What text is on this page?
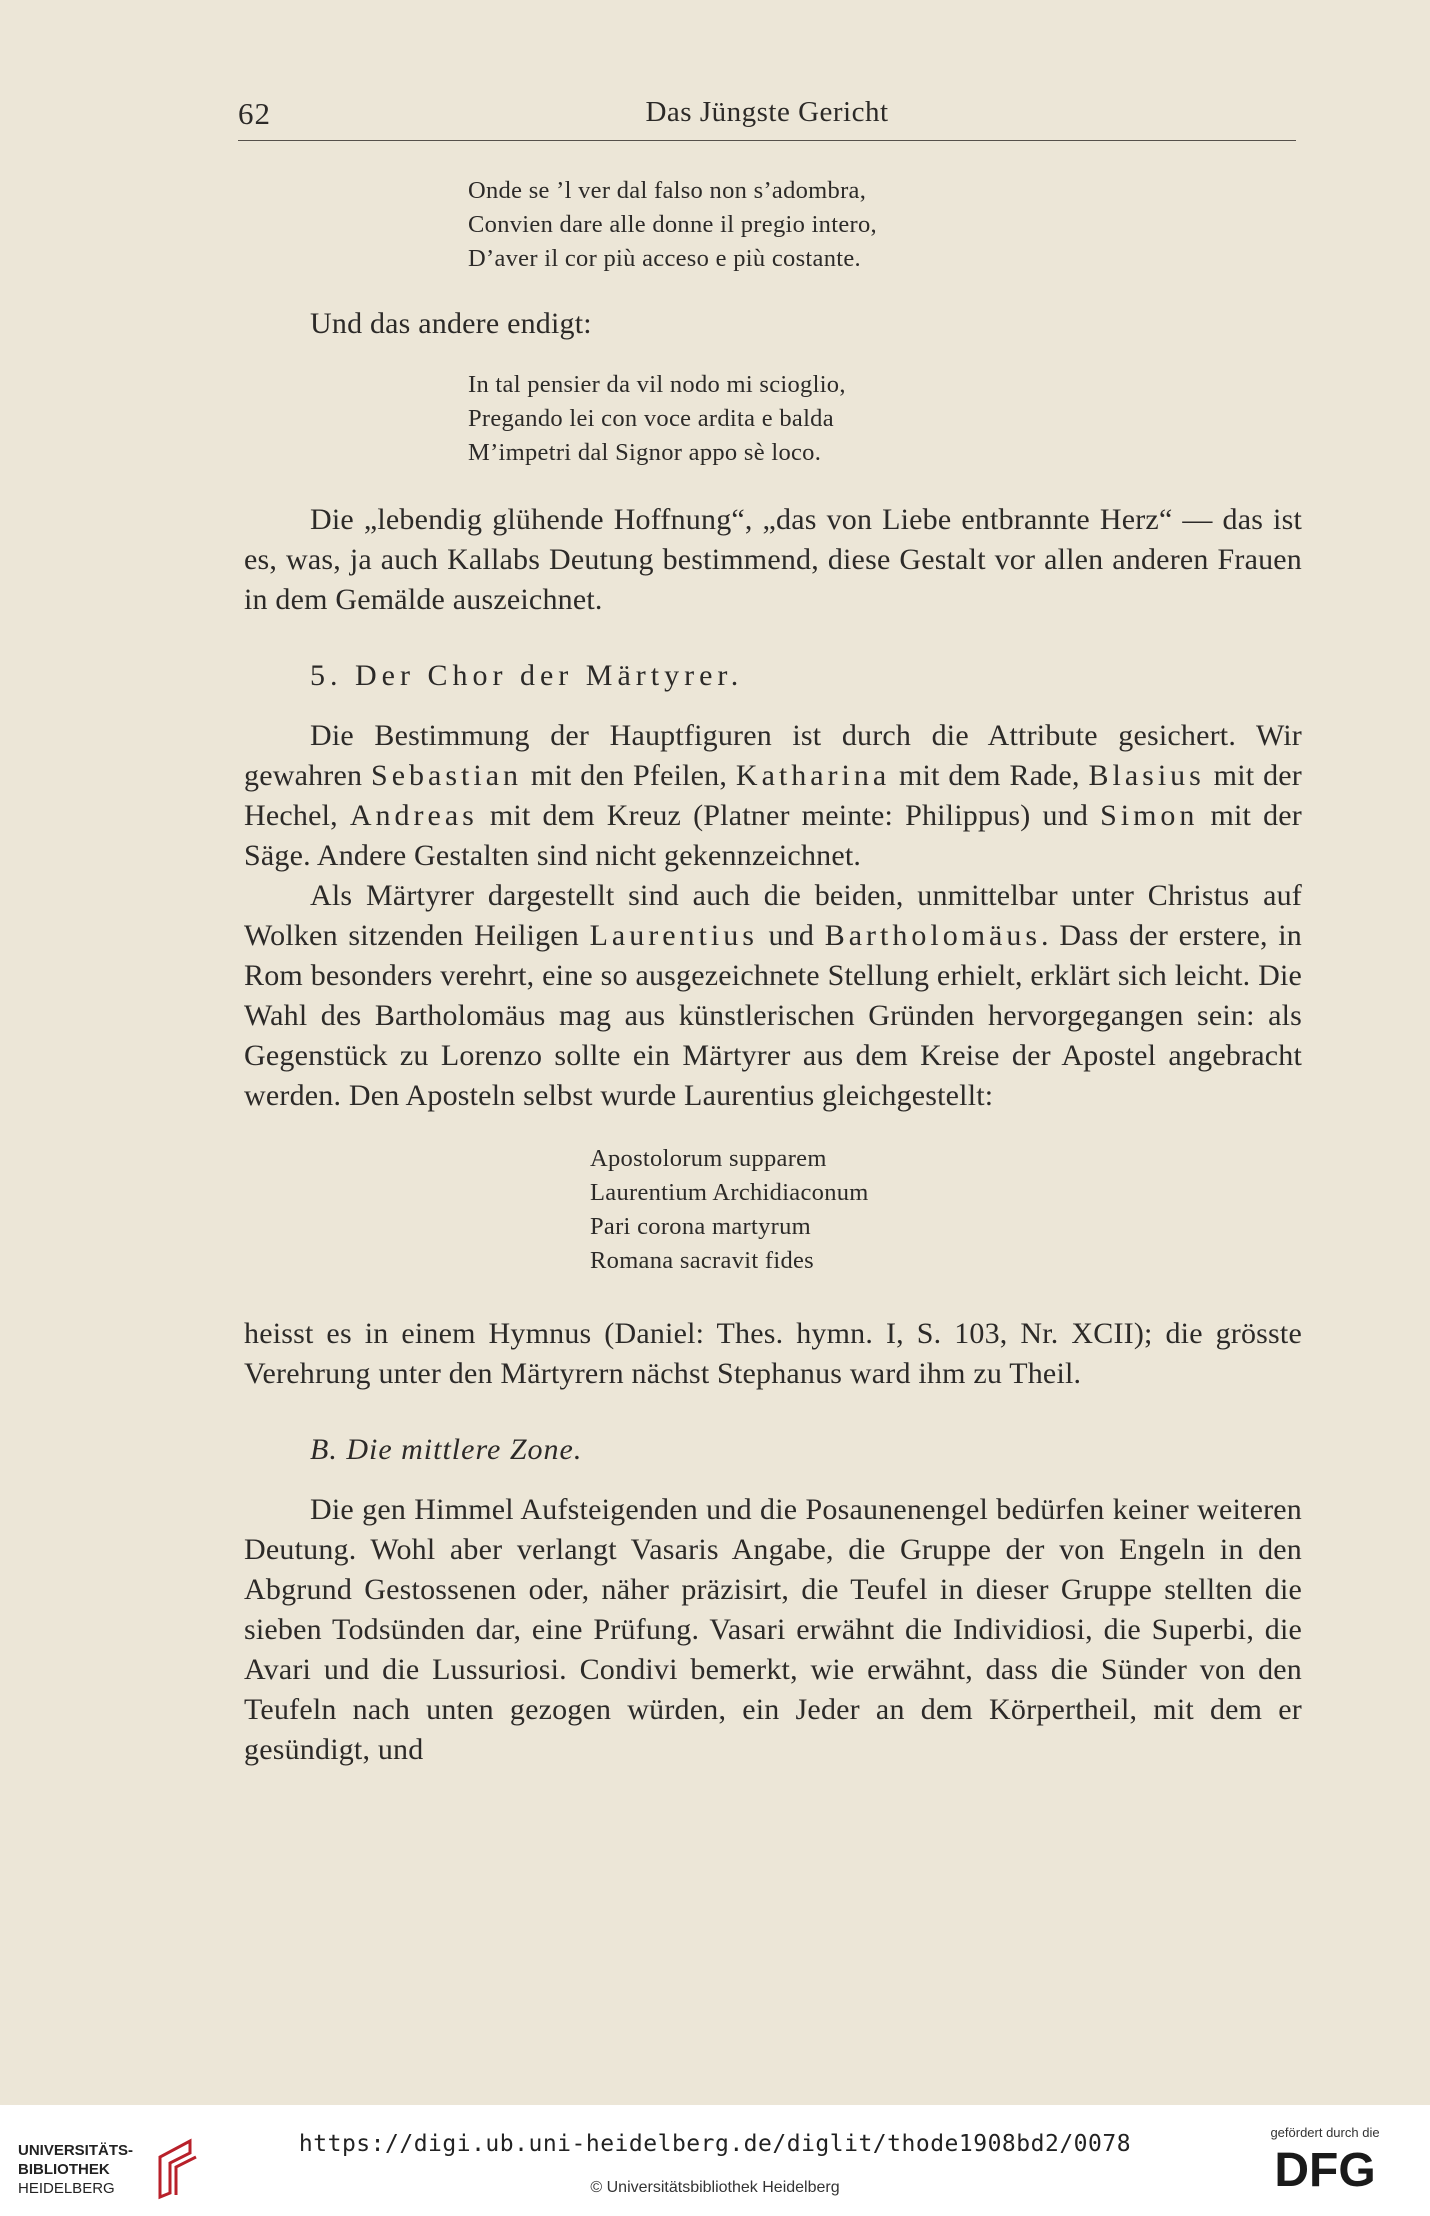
62	Das Jüngste Gericht
Onde se ’l ver dal falso non s’adombra,
Convien dare alle donne il pregio intero,
D’aver il cor più acceso e più costante.

Und das andere endigt:

In tal pensier da vil nodo mi scioglio,
Pregando lei con voce ardita e balda
M’impetri dal Signor appo sè loco.

Die „lebendig glühende Hoffnung“, „das von Liebe entbrannte Herz“ — das ist es, was, ja auch Kallabs Deutung bestimmend, diese Gestalt vor allen anderen Frauen in dem Gemälde auszeichnet.

5. Der Chor der Märtyrer.

Die Bestimmung der Hauptfiguren ist durch die Attribute gesichert. Wir gewahren Sebastian mit den Pfeilen, Katharina mit dem Rade, Blasius mit der Hechel, Andreas mit dem Kreuz (Platner meinte: Philippus) und Simon mit der Säge. Andere Gestalten sind nicht gekennzeichnet.

Als Märtyrer dargestellt sind auch die beiden, unmittelbar unter Christus auf Wolken sitzenden Heiligen Laurentius und Bartholomäus. Dass der erstere, in Rom besonders verehrt, eine so ausgezeichnete Stellung erhielt, erklärt sich leicht. Die Wahl des Bartholomäus mag aus künstlerischen Gründen hervorgegangen sein: als Gegenstück zu Lorenzo sollte ein Märtyrer aus dem Kreise der Apostel angebracht werden. Den Aposteln selbst wurde Laurentius gleichgestellt:

Apostolorum supparem
Laurentium Archidiaconum
Pari corona martyrum
Romana sacravit fides

heisst es in einem Hymnus (Daniel: Thes. hymn. I, S. 103, Nr. XCII); die grösste Verehrung unter den Märtyrern nächst Stephanus ward ihm zu Theil.

B. Die mittlere Zone.

Die gen Himmel Aufsteigenden und die Posaunenengel bedürfen keiner weiteren Deutung. Wohl aber verlangt Vasaris Angabe, die Gruppe der von Engeln in den Abgrund Gestossenen oder, näher präzisirt, die Teufel in dieser Gruppe stellten die sieben Todsünden dar, eine Prüfung. Vasari erwähnt die Individiosi, die Superbi, die Avari und die Lussuriosi. Condivi bemerkt, wie erwähnt, dass die Sünder von den Teufeln nach unten gezogen würden, ein Jeder an dem Körpertheil, mit dem er gesündigt, und

UNIVERSITÄTS-
BIBLIOTHEK
HEIDELBERG
https://digi.ub.uni-heidelberg.de/diglit/thode1908bd2/0078
© Universitätsbibliothek Heidelberg
gefördert durch die
DFG
